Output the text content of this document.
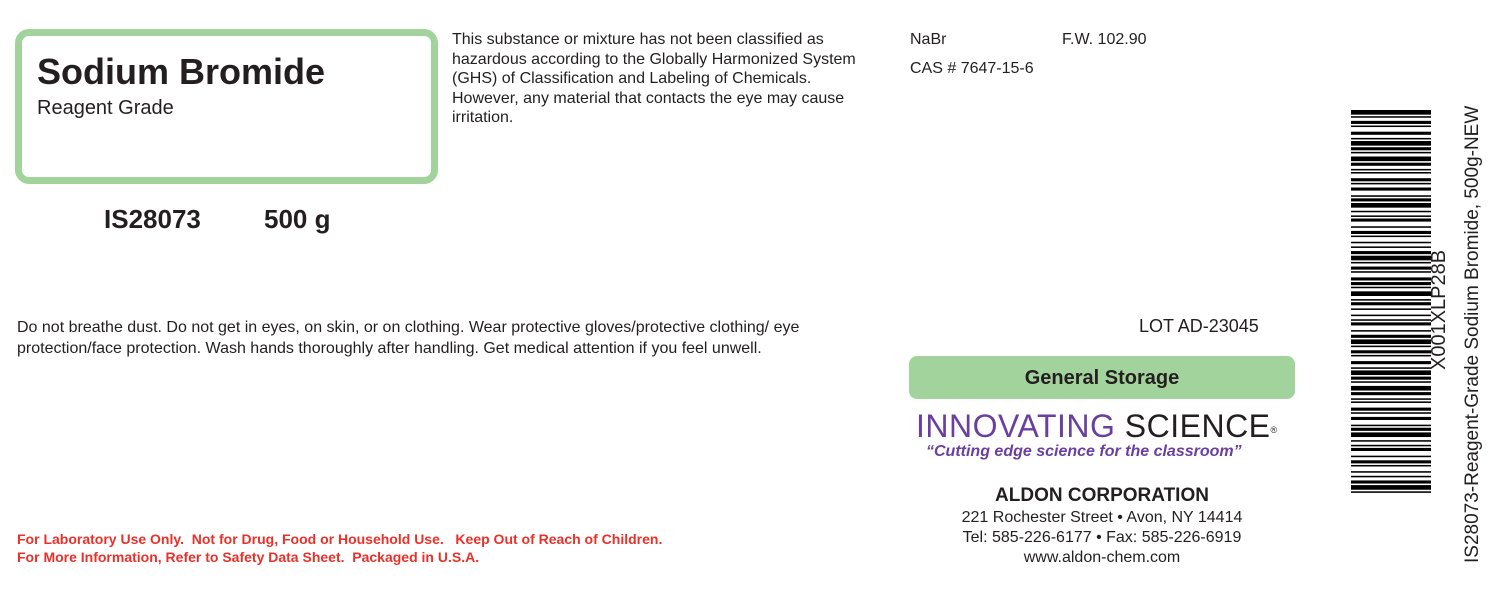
Sodium Bromide
Reagent Grade
IS28073 500 g
This substance or mixture has not been classified as hazardous according to the Globally Harmonized System (GHS) of Classification and Labeling of Chemicals. However, any material that contacts the eye may cause irritation.
NaBr	F.W. 102.90
CAS # 7647-15-6
Do not breathe dust. Do not get in eyes, on skin, or on clothing. Wear protective gloves/protective clothing/ eye protection/face protection. Wash hands thoroughly after handling. Get medical attention if you feel unwell.
LOT AD-23045
General Storage
INNOVATING SCIENCE®
“Cutting edge science for the classroom”
ALDON CORPORATION
221 Rochester Street • Avon, NY 14414
Tel: 585-226-6177 • Fax: 585-226-6919
www.aldon-chem.com
For Laboratory Use Only.  Not for Drug, Food or Household Use.   Keep Out of Reach of Children.
For More Information, Refer to Safety Data Sheet.  Packaged in U.S.A.
X001XLP28B IS28073-Reagent-Grade Sodium Bromide, 500g-NEW
